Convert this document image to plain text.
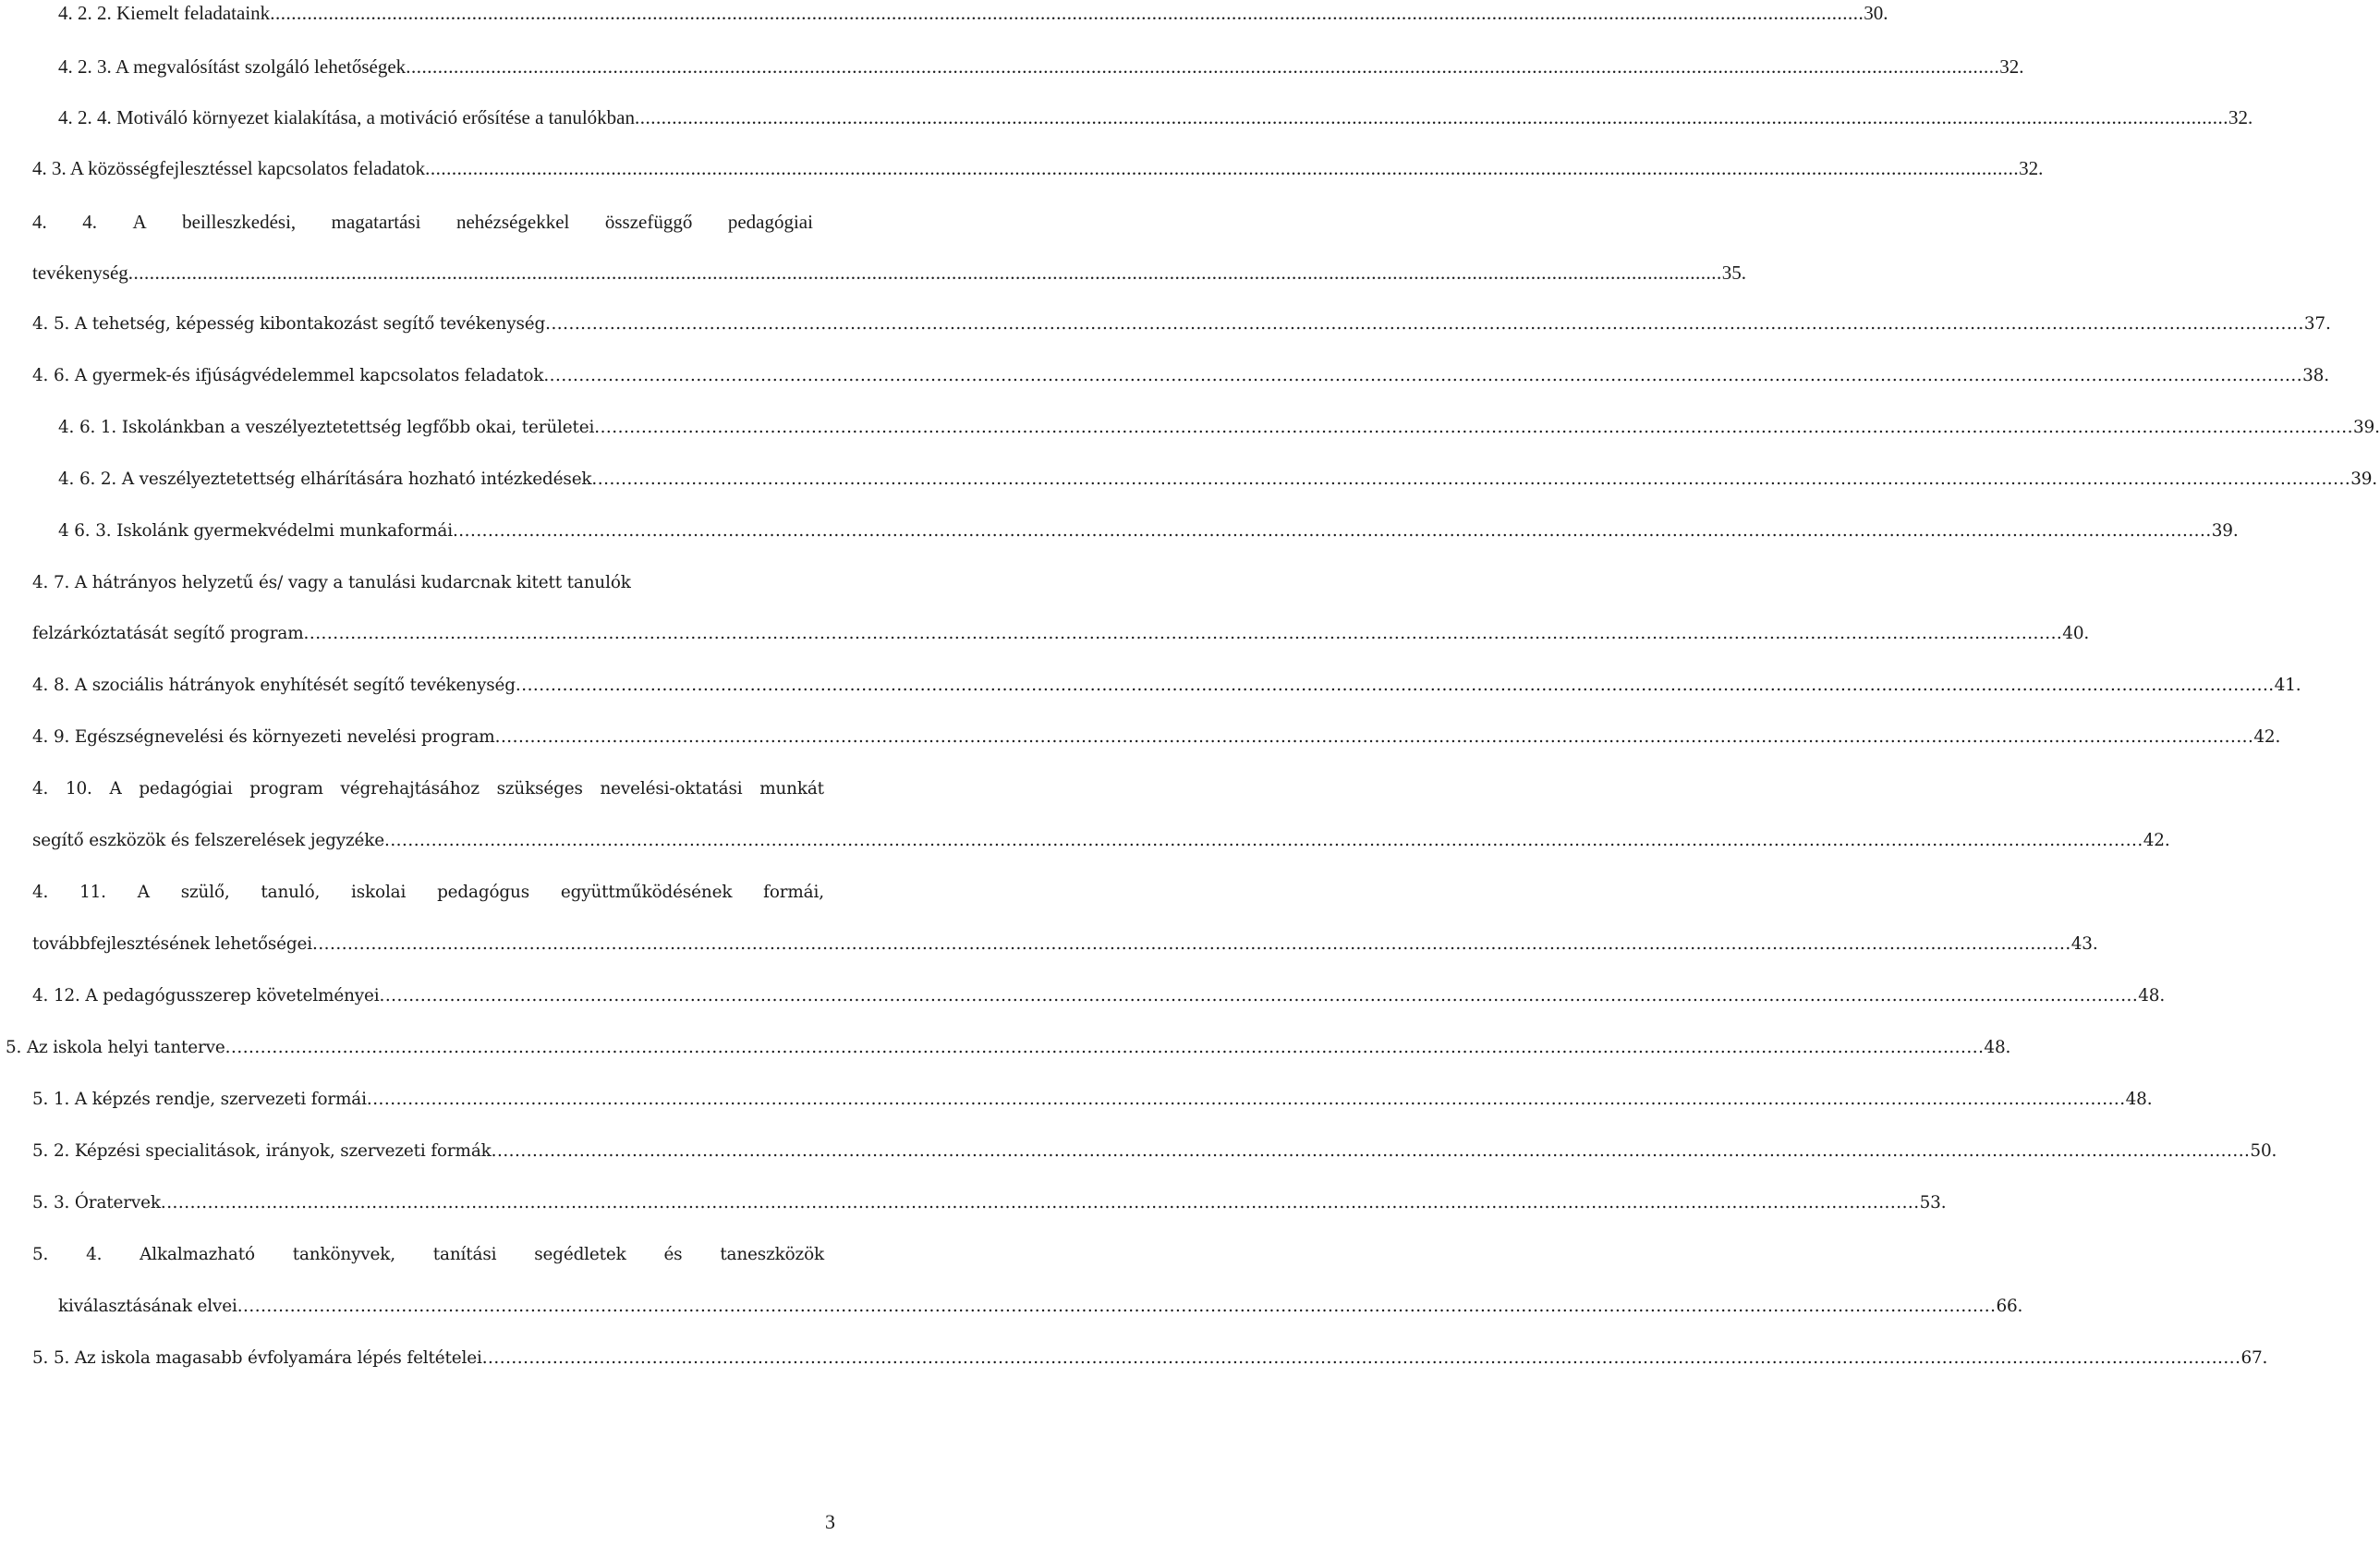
4. 2. 2. Kiemelt feladataink ............................................................................................................................................................................................................................................................................................................ 30.
4. 2. 3. A megvalósítást szolgáló lehetőségek ............................................................................................................................................................................................................................................................................................................ 32.
4. 2. 4. Motiváló környezet kialakítása, a motiváció erősítése a tanulókban ............................................................................................................................................................................................................................................................................................................ 32.
4. 3. A közösségfejlesztéssel kapcsolatos feladatok ............................................................................................................................................................................................................................................................................................................ 32.
4. 4. A beilleszkedési, magatartási nehézségekkel összefüggő pedagógiai
tevékenység ............................................................................................................................................................................................................................................................................................................ 35.
4. 5. A tehetség, képesség kibontakozást segítő tevékenység ............................................................................................................................................................................................................................................................................................................ 37.
4. 6. A gyermek-és ifjúságvédelemmel kapcsolatos feladatok ............................................................................................................................................................................................................................................................................................................ 38.
4. 6. 1. Iskolánkban a veszélyeztetettség legfőbb okai, területei ............................................................................................................................................................................................................................................................................................................ 39.
4. 6. 2. A veszélyeztetettség elhárítására hozható intézkedések ............................................................................................................................................................................................................................................................................................................ 39.
4 6. 3. Iskolánk gyermekvédelmi munkaformái ............................................................................................................................................................................................................................................................................................................ 39.
4. 7. A hátrányos helyzetű és/ vagy a tanulási kudarcnak kitett tanulók
felzárkóztatását segítő program ............................................................................................................................................................................................................................................................................................................ 40.
4. 8. A szociális hátrányok enyhítését segítő tevékenység ............................................................................................................................................................................................................................................................................................................ 41.
4. 9. Egészségnevelési és környezeti nevelési program ............................................................................................................................................................................................................................................................................................................ 42.
4. 10. A pedagógiai program végrehajtásához szükséges nevelési-oktatási munkát
segítő eszközök és felszerelések jegyzéke ............................................................................................................................................................................................................................................................................................................ 42.
4. 11. A szülő, tanuló, iskolai pedagógus együttműködésének formái,
továbbfejlesztésének lehetőségei ............................................................................................................................................................................................................................................................................................................ 43.
4. 12. A pedagógusszerep követelményei ............................................................................................................................................................................................................................................................................................................ 48.
5. Az iskola helyi tanterve ............................................................................................................................................................................................................................................................................................................ 48.
5. 1. A képzés rendje, szervezeti formái ............................................................................................................................................................................................................................................................................................................ 48.
5. 2. Képzési specialitások, irányok, szervezeti formák ............................................................................................................................................................................................................................................................................................................ 50.
5. 3. Óratervek ............................................................................................................................................................................................................................................................................................................ 53.
5. 4. Alkalmazható tankönyvek, tanítási segédletek és taneszközök
kiválasztásának elvei ............................................................................................................................................................................................................................................................................................................ 66.
5. 5. Az iskola magasabb évfolyamára lépés feltételei ............................................................................................................................................................................................................................................................................................................ 67.
3
